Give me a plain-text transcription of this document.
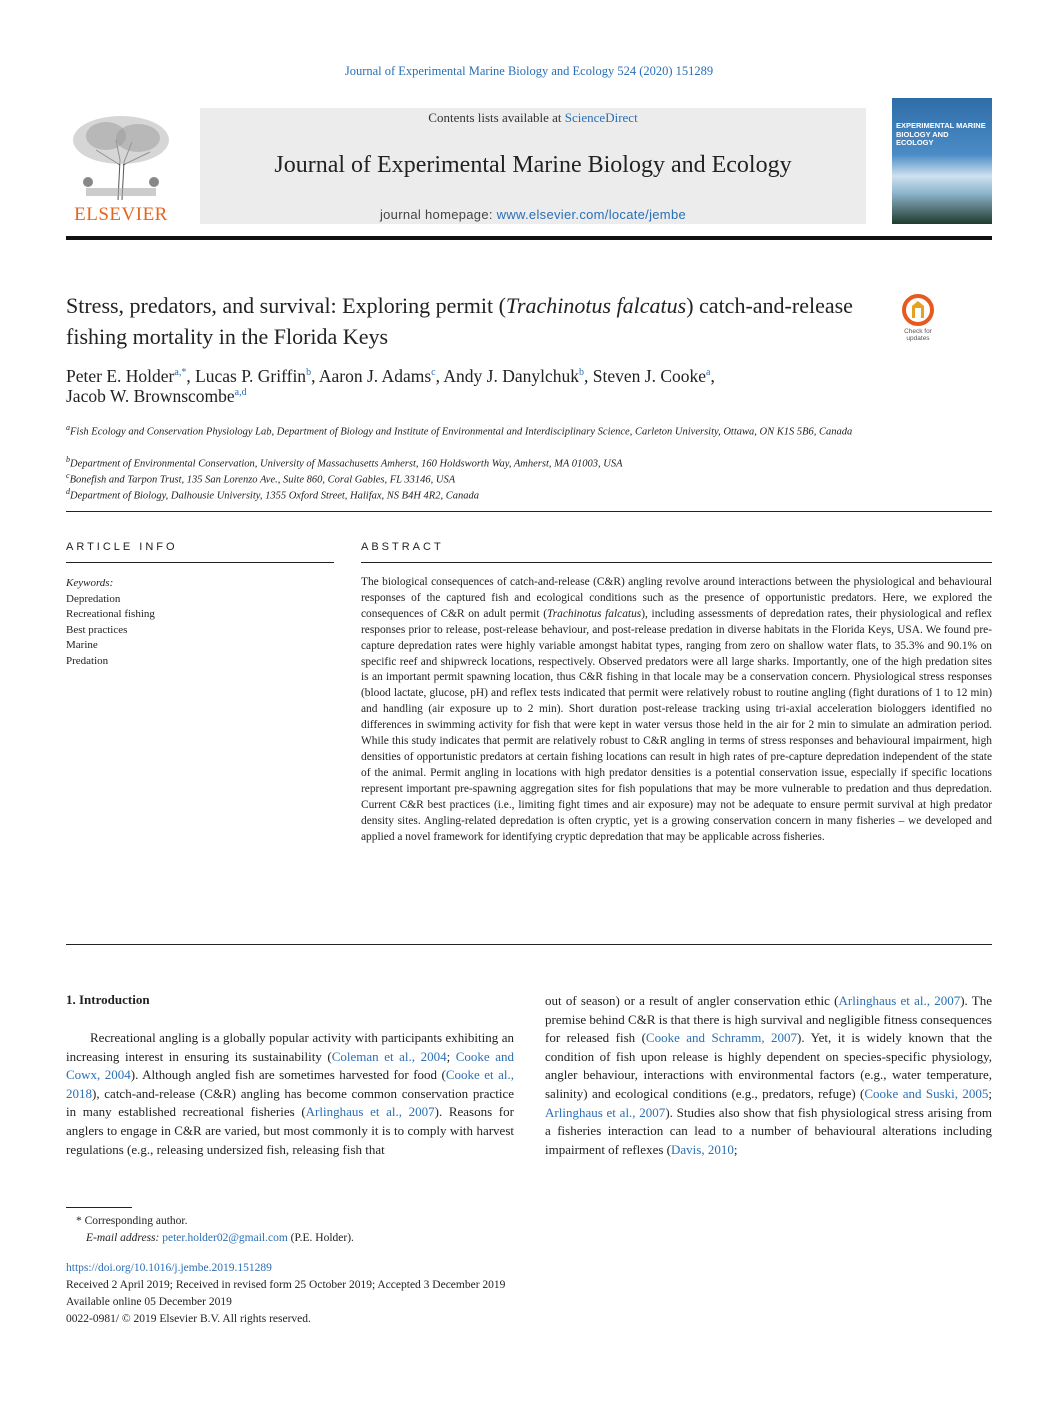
Journal of Experimental Marine Biology and Ecology 524 (2020) 151289
ELSEVIER
Contents lists available at ScienceDirect
Journal of Experimental Marine Biology and Ecology
journal homepage: www.elsevier.com/locate/jembe
EXPERIMENTAL MARINE BIOLOGY AND ECOLOGY
Stress, predators, and survival: Exploring permit (Trachinotus falcatus) catch-and-release fishing mortality in the Florida Keys	Check for
updates
Peter E. Holder$^{a,*}$, Lucas P. Griffin$^b$, Aaron J. Adams$^c$, Andy J. Danylchuk$^b$, Steven J. Cooke$^a$,
Jacob W. Brownscombe$^{a,d}$
$^a$Fish Ecology and Conservation Physiology Lab, Department of Biology and Institute of Environmental and Interdisciplinary Science, Carleton University, Ottawa, ON K1S 5B6, Canada
$^b$Department of Environmental Conservation, University of Massachusetts Amherst, 160 Holdsworth Way, Amherst, MA 01003, USA
$^c$Bonefish and Tarpon Trust, 135 San Lorenzo Ave., Suite 860, Coral Gables, FL 33146, USA
$^d$Department of Biology, Dalhousie University, 1355 Oxford Street, Halifax, NS B4H 4R2, Canada
ARTICLE INFO	ABSTRACT
Keywords:
Depredation
Recreational fishing
Best practices
Marine
Predation
The biological consequences of catch-and-release (C&R) angling revolve around interactions between the physiological and behavioural responses of the captured fish and ecological conditions such as the presence of opportunistic predators. Here, we explored the consequences of C&R on adult permit (Trachinotus falcatus), including assessments of depredation rates, their physiological and reflex responses prior to release, post-release behaviour, and post-release predation in diverse habitats in the Florida Keys, USA. We found pre-capture depredation rates were highly variable amongst habitat types, ranging from zero on shallow water flats, to 35.3% and 90.1% on specific reef and shipwreck locations, respectively. Observed predators were all large sharks. Importantly, one of the high predation sites is an important permit spawning location, thus C&R fishing in that locale may be a conservation concern. Physiological stress responses (blood lactate, glucose, pH) and reflex tests indicated that permit were relatively robust to routine angling (fight durations of 1 to 12 min) and handling (air exposure up to 2 min). Short duration post-release tracking using tri-axial acceleration biologgers identified no differences in swimming activity for fish that were kept in water versus those held in the air for 2 min to simulate an admiration period. While this study indicates that permit are relatively robust to C&R angling in terms of stress responses and behavioural impairment, high densities of opportunistic predators at certain fishing locations can result in high rates of pre-capture depredation independent of the state of the animal. Permit angling in locations with high predator densities is a potential conservation issue, especially if specific locations represent important pre-spawning aggregation sites for fish populations that may be more vulnerable to predation and thus depredation. Current C&R best practices (i.e., limiting fight times and air exposure) may not be adequate to ensure permit survival at high predator density sites. Angling-related depredation is often cryptic, yet is a growing conservation concern in many fisheries – we developed and applied a novel framework for identifying cryptic depredation that may be applicable across fisheries.
1. Introduction
Recreational angling is a globally popular activity with participants exhibiting an increasing interest in ensuring its sustainability (Coleman et al., 2004; Cooke and Cowx, 2004). Although angled fish are sometimes harvested for food (Cooke et al., 2018), catch-and-release (C&R) angling has become common conservation practice in many established recreational fisheries (Arlinghaus et al., 2007). Reasons for anglers to engage in C&R are varied, but most commonly it is to comply with harvest regulations (e.g., releasing undersized fish, releasing fish that
out of season) or a result of angler conservation ethic (Arlinghaus et al., 2007). The premise behind C&R is that there is high survival and negligible fitness consequences for released fish (Cooke and Schramm, 2007). Yet, it is widely known that the condition of fish upon release is highly dependent on species-specific physiology, angler behaviour, interactions with environmental factors (e.g., water temperature, salinity) and ecological conditions (e.g., predators, refuge) (Cooke and Suski, 2005; Arlinghaus et al., 2007). Studies also show that fish physiological stress arising from a fisheries interaction can lead to a number of behavioural alterations including impairment of reflexes (Davis, 2010;
* Corresponding author.
E-mail address: peter.holder02@gmail.com (P.E. Holder).
https://doi.org/10.1016/j.jembe.2019.151289
Received 2 April 2019; Received in revised form 25 October 2019; Accepted 3 December 2019
Available online 05 December 2019
0022-0981/ © 2019 Elsevier B.V. All rights reserved.
